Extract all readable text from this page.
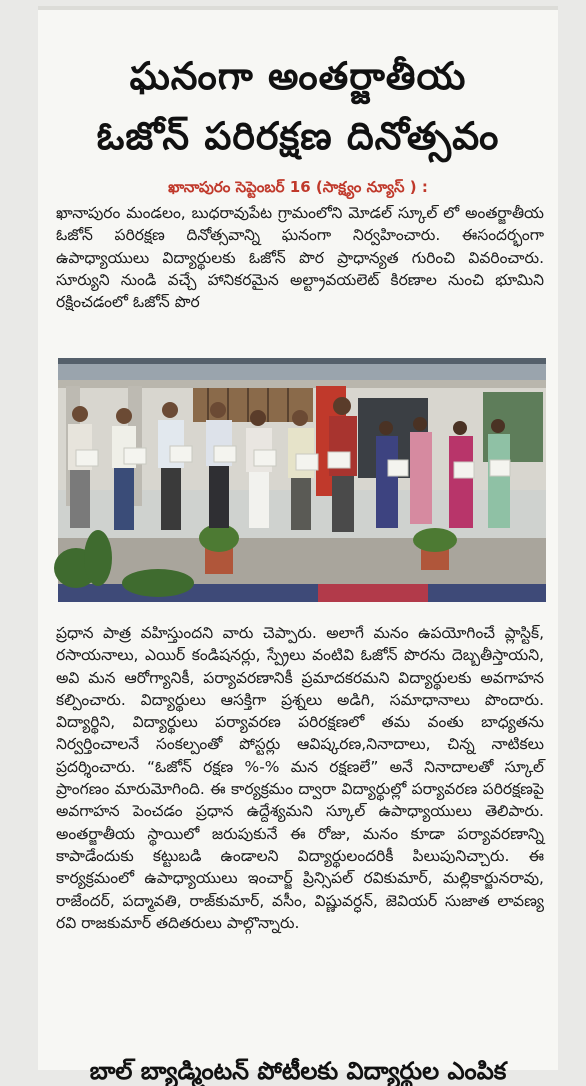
ఘనంగా అంతర్జాతీయ
ఓజోన్ పరిరక్షణ దినోత్సవం
ఖానాపురం సెప్టెంబర్ 16 (సాక్ష్యం న్యూస్ ) :

ఖానాపురం మండలం, బుధరావుపేట గ్రామంలోని మోడల్ స్కూల్ లో అంతర్జాతీయ ఓజోన్ పరిరక్షణ దినోత్సవాన్ని ఘనంగా నిర్వహించారు. ఈసందర్భంగా ఉపాధ్యాయులు విద్యార్థులకు ఓజోన్ పొర ప్రాధాన్యత గురించి వివరించారు. సూర్యుని నుండి వచ్చే హానికరమైన అల్ట్రావయలెట్ కిరణాల నుంచి భూమిని రక్షించడంలో ఓజోన్ పొర

ప్రధాన పాత్ర వహిస్తుందని వారు చెప్పారు. అలాగే మనం ఉపయోగించే ప్లాస్టిక్, రసాయనాలు, ఎయిర్ కండిషనర్లు, స్ప్రేలు వంటివి ఓజోన్ పొరను దెబ్బతీస్తాయని, అవి మన ఆరోగ్యానికీ, పర్యావరణానికీ ప్రమాదకరమని విద్యార్థులకు అవగాహన కల్పించారు. విద్యార్థులు ఆసక్తిగా ప్రశ్నలు అడిగి, సమాధానాలు పొందారు. విద్యార్థిని, విద్యార్థులు పర్యావరణ పరిరక్షణలో తమ వంతు బాధ్యతను నిర్వర్తించాలనే సంకల్పంతో పోస్టర్లు ఆవిష్కరణ,నినాదాలు, చిన్న నాటికలు ప్రదర్శించారు. “ఓజోన్ రక్షణ %-% మన రక్షణలే” అనే నినాదాలతో స్కూల్ ప్రాంగణం మారుమోగింది. ఈ కార్యక్రమం ద్వారా విద్యార్థుల్లో పర్యావరణ పరిరక్షణపై అవగాహన పెంచడం ప్రధాన ఉద్దేశ్యమని స్కూల్ ఉపాధ్యాయులు తెలిపారు. అంతర్జాతీయ స్థాయిలో జరుపుకునే ఈ రోజు, మనం కూడా పర్యావరణాన్ని కాపాడేందుకు కట్టుబడి ఉండాలని విద్యార్థులందరికీ పిలుపునిచ్చారు. ఈ కార్యక్రమంలో ఉపాధ్యాయులు ఇంచార్జ్ ప్రిన్సిపల్ రవికుమార్, మల్లికార్జునరావు, రాజేందర్, పద్మావతి, రాజ్‌కుమార్, వసీం, విష్ణువర్ధన్, జెవియర్ సుజాత లావణ్య రవి రాజకుమార్ తదితరులు పాల్గొన్నారు.

బాల్ బ్యాడ్మింటన్ పోటీలకు విద్యార్థుల ఎంపిక
